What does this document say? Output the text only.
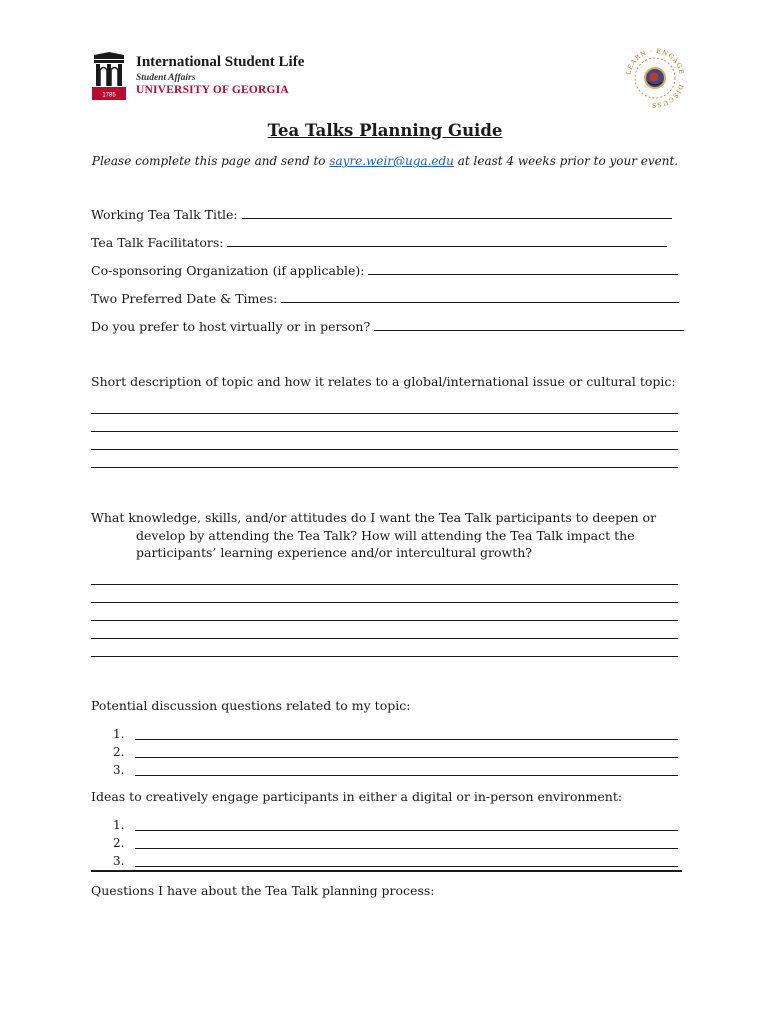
1785
International Student Life
Student Affairs
UNIVERSITY OF GEORGIA
LEARN · ENGAGE · DISCUSS
Tea Talks Planning Guide
Please complete this page and send to sayre.weir@uga.edu at least 4 weeks prior to your event.
Working Tea Talk Title:
Tea Talk Facilitators:
Co-sponsoring Organization (if applicable):
Two Preferred Date & Times:
Do you prefer to host virtually or in person?
Short description of topic and how it relates to a global/international issue or cultural topic:
What knowledge, skills, and/or attitudes do I want the Tea Talk participants to deepen or
develop by attending the Tea Talk? How will attending the Tea Talk impact the
participants’ learning experience and/or intercultural growth?
Potential discussion questions related to my topic:
1.
2.
3.
Ideas to creatively engage participants in either a digital or in-person environment:
1.
2.
3.
Questions I have about the Tea Talk planning process:
